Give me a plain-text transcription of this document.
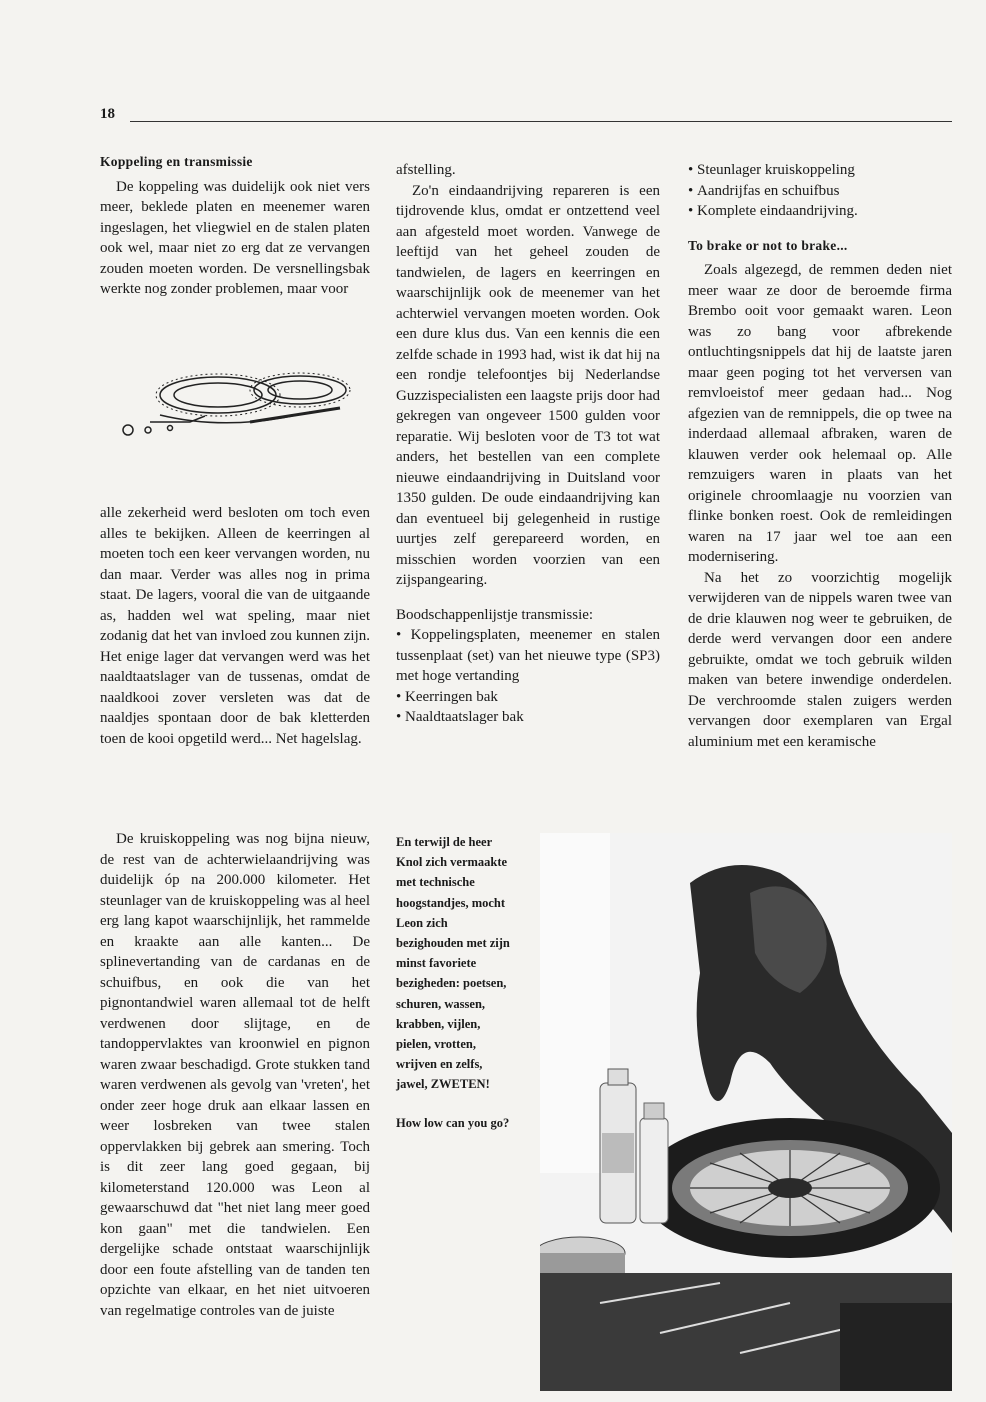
18

Koppeling en transmissie

De koppeling was duidelijk ook niet vers meer, beklede platen en meenemer waren ingeslagen, het vliegwiel en de stalen platen ook wel, maar niet zo erg dat ze vervangen zouden moeten worden. De versnellingsbak werkte nog zonder problemen, maar voor

alle zekerheid werd besloten om toch even alles te bekijken. Alleen de keerringen al moeten toch een keer vervangen worden, nu dan maar. Verder was alles nog in prima staat. De lagers, vooral die van de uitgaande as, hadden wel wat speling, maar niet zodanig dat het van invloed zou kunnen zijn. Het enige lager dat vervangen werd was het naaldtaatslager van de tussenas, omdat de naaldkooi zover versleten was dat de naaldjes spontaan door de bak kletterden toen de kooi opgetild werd... Net hagelslag.

De kruiskoppeling was nog bijna nieuw, de rest van de achterwielaandrijving was duidelijk óp na 200.000 kilometer. Het steunlager van de kruiskoppeling was al heel erg lang kapot waarschijnlijk, het rammelde en kraakte aan alle kanten... De splinevertanding van de cardanas en de schuifbus, en ook die van het pignontandwiel waren allemaal tot de helft verdwenen door slijtage, en de tandoppervlaktes van kroonwiel en pignon waren zwaar beschadigd. Grote stukken tand waren verdwenen als gevolg van 'vreten', het onder zeer hoge druk aan elkaar lassen en weer losbreken van twee stalen oppervlakken bij gebrek aan smering. Toch is dit zeer lang goed gegaan, bij kilometerstand 120.000 was Leon al gewaarschuwd dat "het niet lang meer goed kon gaan" met die tandwielen. Een dergelijke schade ontstaat waarschijnlijk door een foute afstelling van de tanden ten opzichte van elkaar, en het niet uitvoeren van regelmatige controles van de juiste

afstelling.

Zo'n eindaandrijving repareren is een tijdrovende klus, omdat er ontzettend veel aan afgesteld moet worden. Vanwege de leeftijd van het geheel zouden de tandwielen, de lagers en keerringen en waarschijnlijk ook de meenemer van het achterwiel vervangen moeten worden. Ook een dure klus dus. Van een kennis die een zelfde schade in 1993 had, wist ik dat hij na een rondje telefoontjes bij Nederlandse Guzzispecialisten een laagste prijs door had gekregen van ongeveer 1500 gulden voor reparatie. Wij besloten voor de T3 tot wat anders, het bestellen van een complete nieuwe eindaandrijving in Duitsland voor 1350 gulden. De oude eindaandrijving kan dan eventueel bij gelegenheid in rustige uurtjes zelf gerepareerd worden, en misschien worden voorzien van een zijspangearing.

Boodschappenlijstje transmissie:

• Koppelingsplaten, meenemer en stalen tussenplaat (set) van het nieuwe type (SP3) met hoge vertanding
• Keerringen bak
• Naaldtaatslager bak
• Steunlager kruiskoppeling
• Aandrijfas en schuifbus
• Komplete eindaandrijving.

To brake or not to brake...

Zoals algezegd, de remmen deden niet meer waar ze door de beroemde firma Brembo ooit voor gemaakt waren. Leon was zo bang voor afbrekende ontluchtingsnippels dat hij de laatste jaren maar geen poging tot het verversen van remvloeistof meer gedaan had... Nog afgezien van de remnippels, die op twee na inderdaad allemaal afbraken, waren de klauwen verder ook helemaal op. Alle remzuigers waren in plaats van het originele chroomlaagje nu voorzien van flinke bonken roest. Ook de remleidingen waren na 17 jaar wel toe aan een modernisering.

Na het zo voorzichtig mogelijk verwijderen van de nippels waren twee van de drie klauwen nog weer te gebruiken, de derde werd vervangen door een andere gebruikte, omdat we toch gebruik wilden maken van betere inwendige onderdelen. De verchroomde stalen zuigers werden vervangen door exemplaren van Ergal aluminium met een keramische

En terwijl de heer Knol zich vermaakte met technische hoogstandjes, mocht Leon zich bezighouden met zijn minst favoriete bezigheden: poetsen, schuren, wassen, krabben, vijlen, pielen, vrotten, wrijven en zelfs, jawel, ZWETEN!

How low can you go?
